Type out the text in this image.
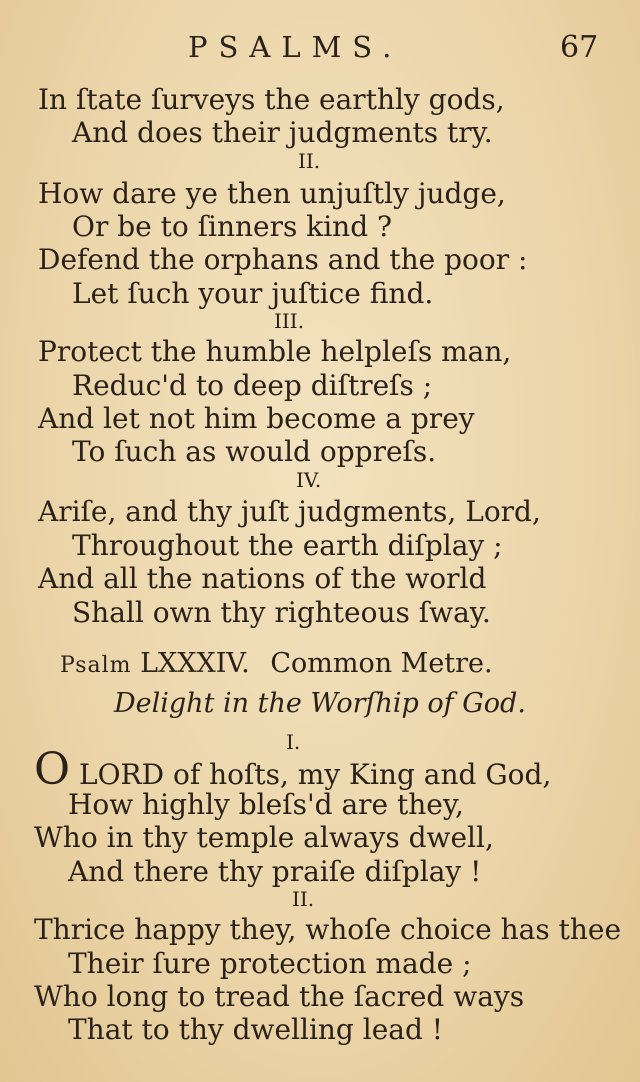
PSALMS.	67
In ſtate ſurveys the earthly gods,
And does their judgments try.
II.
How dare ye then unjuſtly judge,
Or be to ſinners kind ?
Defend the orphans and the poor :
Let ſuch your juſtice find.
III.
Protect the humble helpleſs man,
Reduc'd to deep diſtreſs ;
And let not him become a prey
To ſuch as would oppreſs.
IV.
Ariſe, and thy juſt judgments, Lord,
Throughout the earth diſplay ;
And all the nations of the world
Shall own thy righteous ſway.
Psalm LXXXIV. Common Metre.
Delight in the Worſhip of God.
I.
O LORD of hoſts, my King and God,
How highly bleſs'd are they,
Who in thy temple always dwell,
And there thy praiſe diſplay !
II.
Thrice happy they, whoſe choice has thee
Their ſure protection made ;
Who long to tread the ſacred ways
That to thy dwelling lead !
